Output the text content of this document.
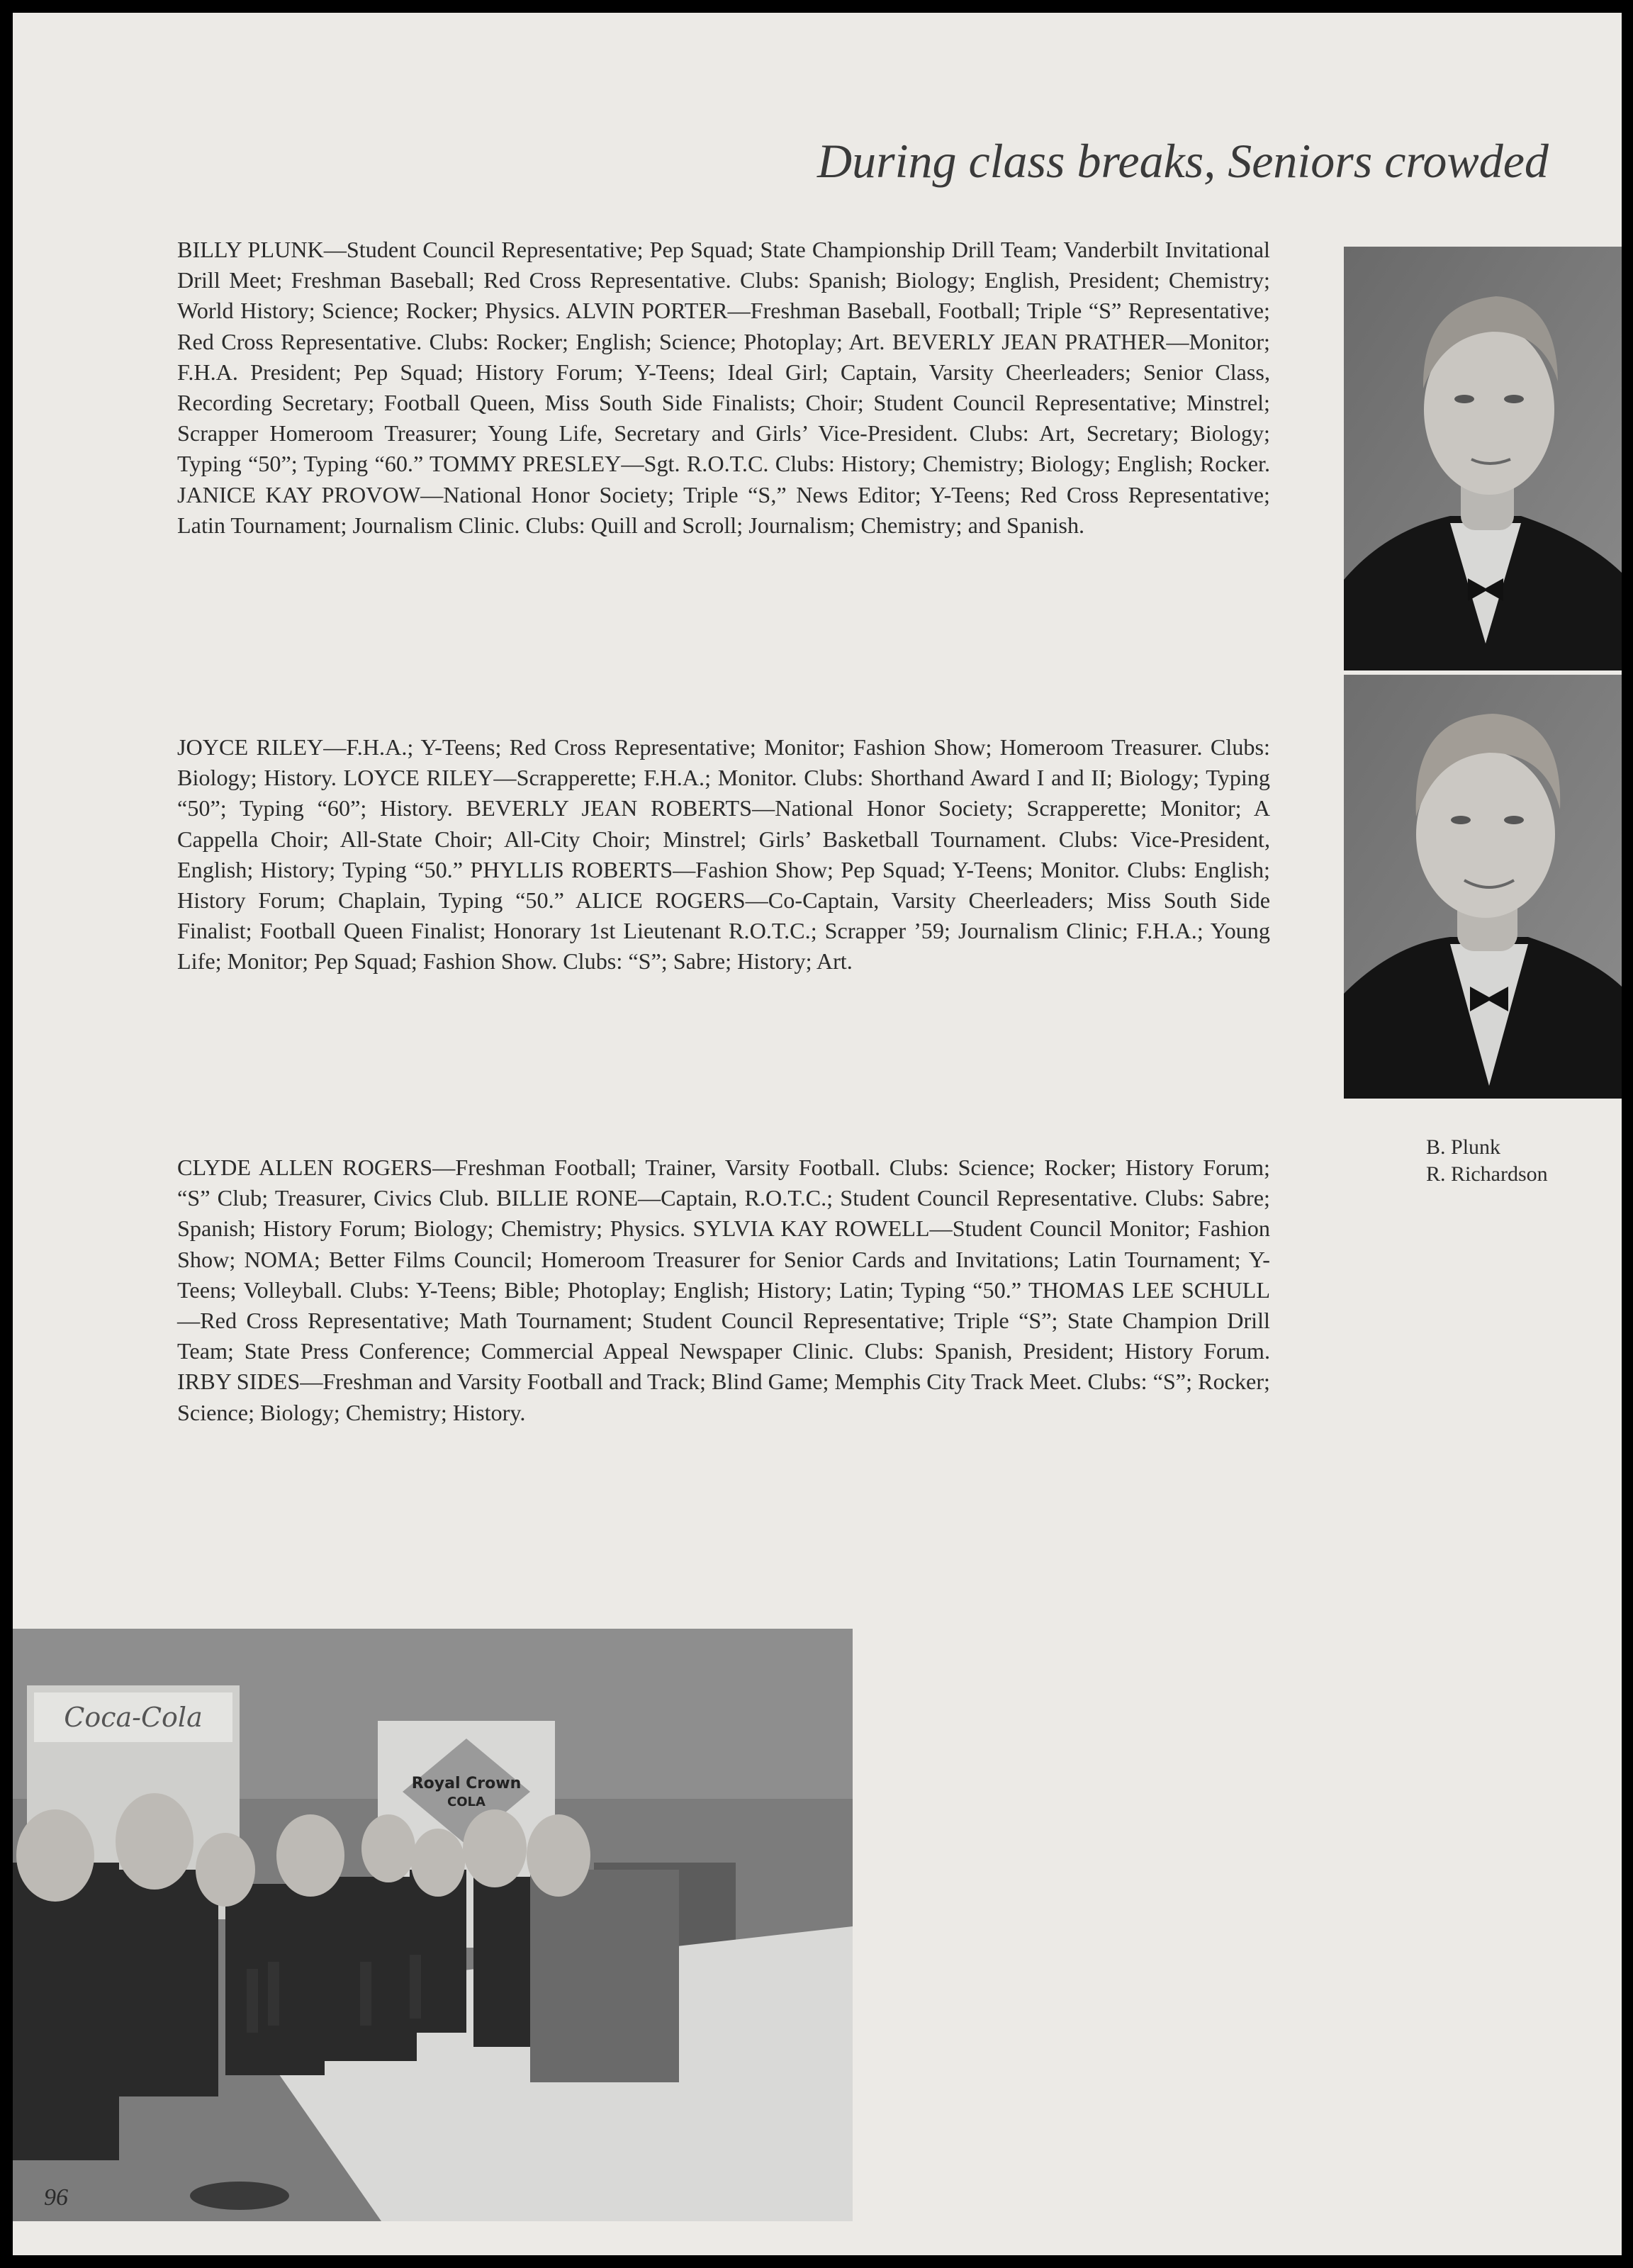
During class breaks, Seniors crowded

BILLY PLUNK—Student Council Representative; Pep Squad; State Championship Drill Team; Vanderbilt Invitational Drill Meet; Freshman Baseball; Red Cross Representative. Clubs: Spanish; Biology; English, President; Chemistry; World History; Science; Rocker; Physics. ALVIN PORTER—Freshman Baseball, Football; Triple “S” Representative; Red Cross Representative. Clubs: Rocker; English; Science; Photoplay; Art. BEVERLY JEAN PRATHER—Monitor; F.H.A. President; Pep Squad; History Forum; Y-Teens; Ideal Girl; Captain, Varsity Cheerleaders; Senior Class, Recording Secretary; Football Queen, Miss South Side Finalists; Choir; Student Council Representative; Minstrel; Scrapper Homeroom Treasurer; Young Life, Secretary and Girls’ Vice-President. Clubs: Art, Secretary; Biology; Typing “50”; Typing “60.” TOMMY PRESLEY—Sgt. R.O.T.C. Clubs: History; Chemistry; Biology; English; Rocker. JANICE KAY PROVOW—National Honor Society; Triple “S,” News Editor; Y-Teens; Red Cross Representative; Latin Tournament; Journalism Clinic. Clubs: Quill and Scroll; Journalism; Chemistry; and Spanish.

JOYCE RILEY—F.H.A.; Y-Teens; Red Cross Representative; Monitor; Fashion Show; Homeroom Treasurer. Clubs: Biology; History. LOYCE RILEY—Scrapperette; F.H.A.; Monitor. Clubs: Shorthand Award I and II; Biology; Typing “50”; Typing “60”; History. BEVERLY JEAN ROBERTS—National Honor Society; Scrapperette; Monitor; A Cappella Choir; All-State Choir; All-City Choir; Minstrel; Girls’ Basketball Tournament. Clubs: Vice-President, English; History; Typing “50.” PHYLLIS ROBERTS—Fashion Show; Pep Squad; Y-Teens; Monitor. Clubs: English; History Forum; Chaplain, Typing “50.” ALICE ROGERS—Co-Captain, Varsity Cheerleaders; Miss South Side Finalist; Football Queen Finalist; Honorary 1st Lieutenant R.O.T.C.; Scrapper ’59; Journalism Clinic; F.H.A.; Young Life; Monitor; Pep Squad; Fashion Show. Clubs: “S”; Sabre; History; Art.

CLYDE ALLEN ROGERS—Freshman Football; Trainer, Varsity Football. Clubs: Science; Rocker; History Forum; “S” Club; Treasurer, Civics Club. BILLIE RONE—Captain, R.O.T.C.; Student Council Representative. Clubs: Sabre; Spanish; History Forum; Biology; Chemistry; Physics. SYLVIA KAY ROWELL—Student Council Monitor; Fashion Show; NOMA; Better Films Council; Homeroom Treasurer for Senior Cards and Invitations; Latin Tournament; Y-Teens; Volleyball. Clubs: Y-Teens; Bible; Photoplay; English; History; Latin; Typing “50.” THOMAS LEE SCHULL—Red Cross Representative; Math Tournament; Student Council Representative; Triple “S”; State Champion Drill Team; State Press Conference; Commercial Appeal Newspaper Clinic. Clubs: Spanish, President; History Forum. IRBY SIDES—Freshman and Varsity Football and Track; Blind Game; Memphis City Track Meet. Clubs: “S”; Rocker; Science; Biology; Chemistry; History.

B. Plunk
R. Richardson
Coca-Cola
Royal Crown
COLA
96
